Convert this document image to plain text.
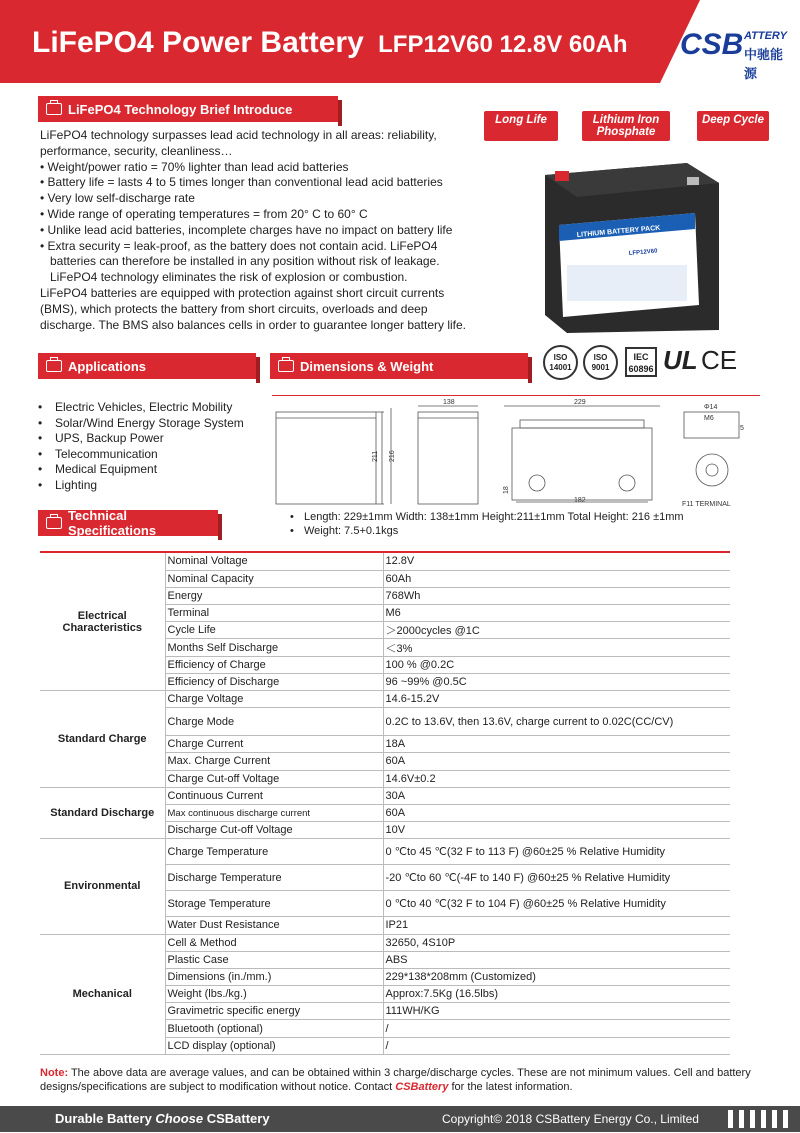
LiFePO4 Power Battery LFP12V60 12.8V 60Ah CSB ATTERY
中驰能源
LiFePO4 Technology Brief Introduce
LiFePO4 technology surpasses lead acid technology in all areas: reliability, performance, security, cleanliness…
• Weight/power ratio = 70% lighter than lead acid batteries
• Battery life = lasts 4 to 5 times longer than conventional lead acid batteries
• Very low self-discharge rate
• Wide range of operating temperatures = from 20° C to 60° C
• Unlike lead acid batteries, incomplete charges have no impact on battery life
• Extra security = leak-proof, as the battery does not contain acid. LiFePO4 batteries can therefore be installed in any position without risk of leakage. LiFePO4 technology eliminates the risk of explosion or combustion.
LiFePO4 batteries are equipped with protection against short circuit currents (BMS), which protects the battery from short circuits, overloads and deep discharge. The BMS also balances cells in order to guarantee longer battery life.
Long Life	Lithium Iron Phosphate
Deep Cycle
LITHIUM BATTERY PACK
LFP12V60
ISO 14001
ISO 9001
IEC 60896 UL CE
Applications	Dimensions & Weight
• Electric Vehicles, Electric Mobility
• Solar/Wind Energy Storage System
• UPS, Backup Power
• Telecommunication
• Medical Equipment
• Lighting
138
211 216
229
182
18
Φ14
M6
5
F11 TERMINAL
• Length: 229±1mm Width: 138±1mm Height:211±1mm Total Height: 216 ±1mm
• Weight: 7.5+0.1kgs
Technical Specifications
Electrical Characteristics	Nominal Voltage	12.8V
	Nominal Capacity	60Ah
	Energy	768Wh
	Terminal	M6
	Cycle Life	＞2000cycles @1C
	Months Self Discharge	＜3%
	Efficiency of Charge	100 % @0.2C
	Efficiency of Discharge	96 ~99% @0.5C
Standard Charge	Charge Voltage	14.6-15.2V
	Charge Mode	0.2C to 13.6V, then 13.6V, charge current to 0.02C(CC/CV)
	Charge Current	18A
	Max. Charge Current	60A
	Charge Cut-off Voltage	14.6V±0.2
Standard Discharge	Continuous Current	30A
	Max continuous discharge current	60A
	Discharge Cut-off Voltage	10V
Environmental	Charge Temperature	0 ℃to 45 ℃(32 F to 113 F) @60±25 % Relative Humidity
	Discharge Temperature	-20 ℃to 60 ℃(-4F to 140 F) @60±25 % Relative Humidity
	Storage Temperature	0 ℃to 40 ℃(32 F to 104 F) @60±25 % Relative Humidity
	Water Dust Resistance	IP21
Mechanical	Cell & Method	32650, 4S10P
	Plastic Case	ABS
	Dimensions (in./mm.)	229*138*208mm (Customized)
	Weight (lbs./kg.)	Approx:7.5Kg (16.5lbs)
	Gravimetric specific energy	111WH/KG
	Bluetooth (optional)	/
	LCD display (optional)	/
Note: The above data are average values, and can be obtained within 3 charge/discharge cycles. These are not minimum values. Cell and battery designs/specifications are subject to modification without notice. Contact CSBattery for the latest information.
Durable Battery Choose CSBattery	Copyright© 2018 CSBattery Energy Co., Limited
